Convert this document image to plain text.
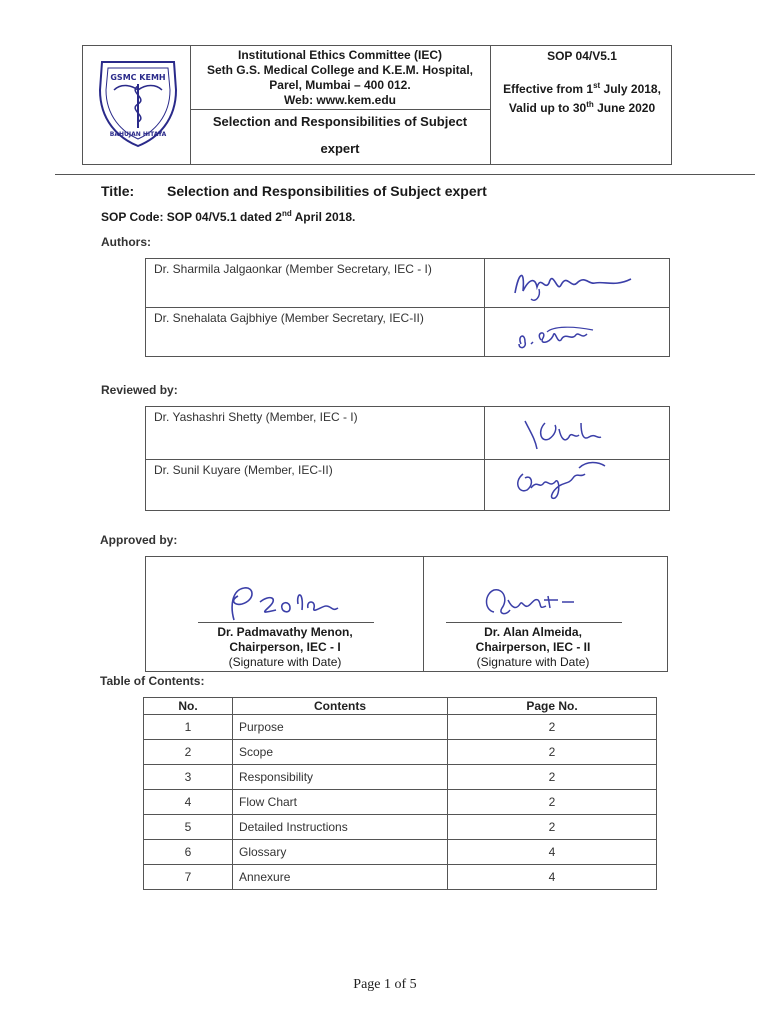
GSMC KEMH
BAHUJAN HITAYA
Institutional Ethics Committee (IEC)
Seth G.S. Medical College and K.E.M. Hospital,
Parel, Mumbai – 400 012.
Web: www.kem.edu
Selection and Responsibilities of Subject
expert
SOP 04/V5.1
Effective from 1st July 2018,
Valid up to 30th June 2020
Title: Selection and Responsibilities of Subject expert
SOP Code: SOP 04/V5.1 dated 2nd April 2018.
Authors:
Dr. Sharmila Jalgaonkar (Member Secretary, IEC - I)	

Dr. Snehalata Gajbhiye (Member Secretary, IEC-II)	
Reviewed by:
Dr. Yashashri Shetty (Member, IEC - I)	

Dr. Sunil Kuyare (Member, IEC-II)	
Approved by:
Dr. Padmavathy Menon,
Chairperson, IEC - I
(Signature with Date)
Dr. Alan Almeida,
Chairperson, IEC - II
(Signature with Date)
Table of Contents:
No.	Contents	Page No.
1	Purpose	2
2	Scope	2
3	Responsibility	2
4	Flow Chart	2
5	Detailed Instructions	2
6	Glossary	4
7	Annexure	4
Page 1 of 5
